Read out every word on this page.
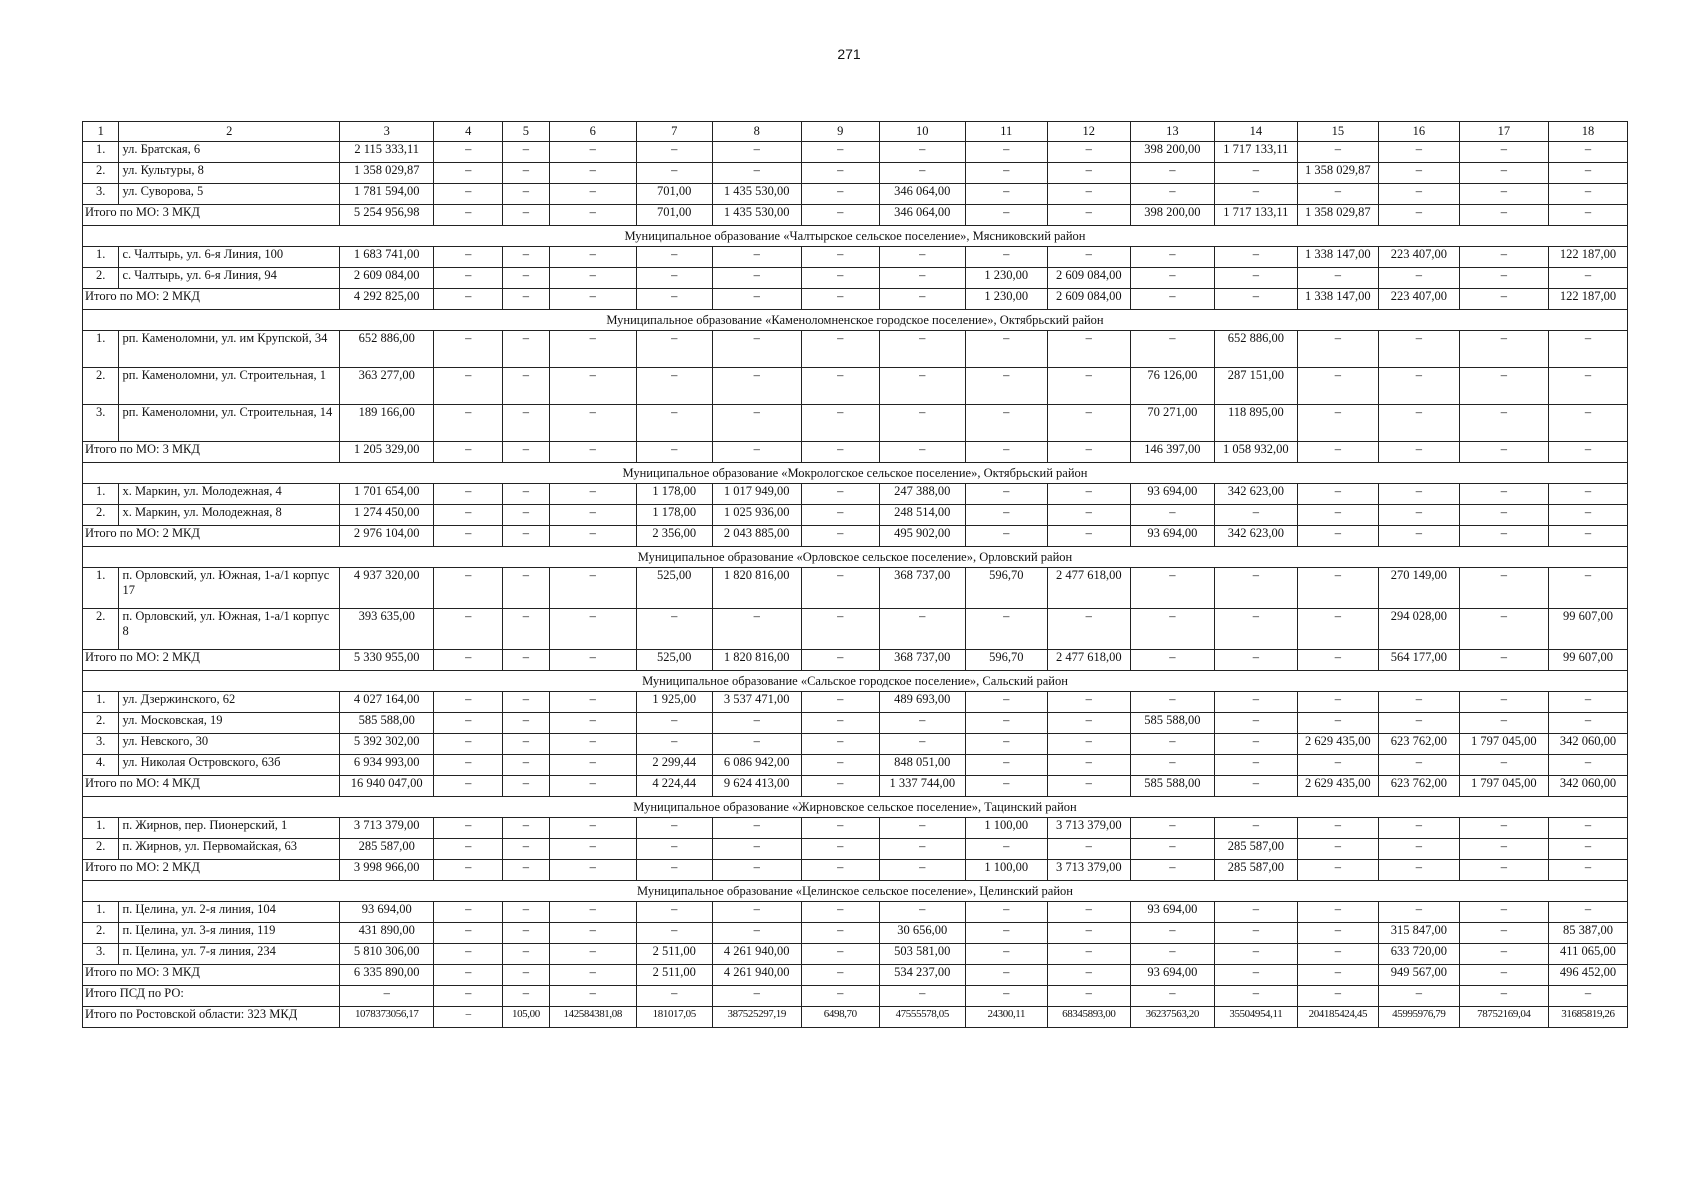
271
1	2	3	4	5	6	7	8	9	10	11	12	13	14	15	16	17	18
1.	ул. Братская, 6	2 115 333,11	–	–	–	–	–	–	–	–	–	398 200,00	1 717 133,11	–	–	–	–
2.	ул. Культуры, 8	1 358 029,87	–	–	–	–	–	–	–	–	–	–	–	1 358 029,87	–	–	–
3.	ул. Суворова, 5	1 781 594,00	–	–	–	701,00	1 435 530,00	–	346 064,00	–	–	–	–	–	–	–	–
Итого по МО: 3 МКД		5 254 956,98	–	–	–	701,00	1 435 530,00	–	346 064,00	–	–	398 200,00	1 717 133,11	1 358 029,87	–	–	–
Муниципальное образование «Чалтырское сельское поселение», Мясниковский район																	
1.	с. Чалтырь, ул. 6-я Линия, 100	1 683 741,00	–	–	–	–	–	–	–	–	–	–	–	1 338 147,00	223 407,00	–	122 187,00
2.	с. Чалтырь, ул. 6-я Линия, 94	2 609 084,00	–	–	–	–	–	–	–	1 230,00	2 609 084,00	–	–	–	–	–	–
Итого по МО: 2 МКД		4 292 825,00	–	–	–	–	–	–	–	1 230,00	2 609 084,00	–	–	1 338 147,00	223 407,00	–	122 187,00
Муниципальное образование «Каменоломненское городское поселение», Октябрьский район																	
1.	рп. Каменоломни, ул. им Крупской, 34	652 886,00	–	–	–	–	–	–	–	–	–	–	652 886,00	–	–	–	–
2.	рп. Каменоломни, ул. Строительная, 1	363 277,00	–	–	–	–	–	–	–	–	–	76 126,00	287 151,00	–	–	–	–
3.	рп. Каменоломни, ул. Строительная, 14	189 166,00	–	–	–	–	–	–	–	–	–	70 271,00	118 895,00	–	–	–	–
Итого по МО: 3 МКД		1 205 329,00	–	–	–	–	–	–	–	–	–	146 397,00	1 058 932,00	–	–	–	–
Муниципальное образование «Мокрологское сельское поселение», Октябрьский район																	
1.	х. Маркин, ул. Молодежная, 4	1 701 654,00	–	–	–	1 178,00	1 017 949,00	–	247 388,00	–	–	93 694,00	342 623,00	–	–	–	–
2.	х. Маркин, ул. Молодежная, 8	1 274 450,00	–	–	–	1 178,00	1 025 936,00	–	248 514,00	–	–	–	–	–	–	–	–
Итого по МО: 2 МКД		2 976 104,00	–	–	–	2 356,00	2 043 885,00	–	495 902,00	–	–	93 694,00	342 623,00	–	–	–	–
Муниципальное образование «Орловское сельское поселение», Орловский район																	
1.	п. Орловский, ул. Южная, 1-а/1 корпус 17	4 937 320,00	–	–	–	525,00	1 820 816,00	–	368 737,00	596,70	2 477 618,00	–	–	–	270 149,00	–	–
2.	п. Орловский, ул. Южная, 1-а/1 корпус 8	393 635,00	–	–	–	–	–	–	–	–	–	–	–	–	294 028,00	–	99 607,00
Итого по МО: 2 МКД		5 330 955,00	–	–	–	525,00	1 820 816,00	–	368 737,00	596,70	2 477 618,00	–	–	–	564 177,00	–	99 607,00
Муниципальное образование «Сальское городское поселение», Сальский район																	
1.	ул. Дзержинского, 62	4 027 164,00	–	–	–	1 925,00	3 537 471,00	–	489 693,00	–	–	–	–	–	–	–	–
2.	ул. Московская, 19	585 588,00	–	–	–	–	–	–	–	–	–	585 588,00	–	–	–	–	–
3.	ул. Невского, 30	5 392 302,00	–	–	–	–	–	–	–	–	–	–	–	2 629 435,00	623 762,00	1 797 045,00	342 060,00
4.	ул. Николая Островского, 63б	6 934 993,00	–	–	–	2 299,44	6 086 942,00	–	848 051,00	–	–	–	–	–	–	–	–
Итого по МО: 4 МКД		16 940 047,00	–	–	–	4 224,44	9 624 413,00	–	1 337 744,00	–	–	585 588,00	–	2 629 435,00	623 762,00	1 797 045,00	342 060,00
Муниципальное образование «Жирновское сельское поселение», Тацинский район																	
1.	п. Жирнов, пер. Пионерский, 1	3 713 379,00	–	–	–	–	–	–	–	1 100,00	3 713 379,00	–	–	–	–	–	–
2.	п. Жирнов, ул. Первомайская, 63	285 587,00	–	–	–	–	–	–	–	–	–	–	285 587,00	–	–	–	–
Итого по МО: 2 МКД		3 998 966,00	–	–	–	–	–	–	–	1 100,00	3 713 379,00	–	285 587,00	–	–	–	–
Муниципальное образование «Целинское сельское поселение», Целинский район																	
1.	п. Целина, ул. 2-я линия, 104	93 694,00	–	–	–	–	–	–	–	–	–	93 694,00	–	–	–	–	–
2.	п. Целина, ул. 3-я линия, 119	431 890,00	–	–	–	–	–	–	30 656,00	–	–	–	–	–	315 847,00	–	85 387,00
3.	п. Целина, ул. 7-я линия, 234	5 810 306,00	–	–	–	2 511,00	4 261 940,00	–	503 581,00	–	–	–	–	–	633 720,00	–	411 065,00
Итого по МО: 3 МКД		6 335 890,00	–	–	–	2 511,00	4 261 940,00	–	534 237,00	–	–	93 694,00	–	–	949 567,00	–	496 452,00
Итого ПСД по РО:		–	–	–	–	–	–	–	–	–	–	–	–	–	–	–	–
Итого по Ростовской области: 323 МКД		1078373056,17	–	105,00	142584381,08	181017,05	387525297,19	6498,70	47555578,05	24300,11	68345893,00	36237563,20	35504954,11	204185424,45	45995976,79	78752169,04	31685819,26
